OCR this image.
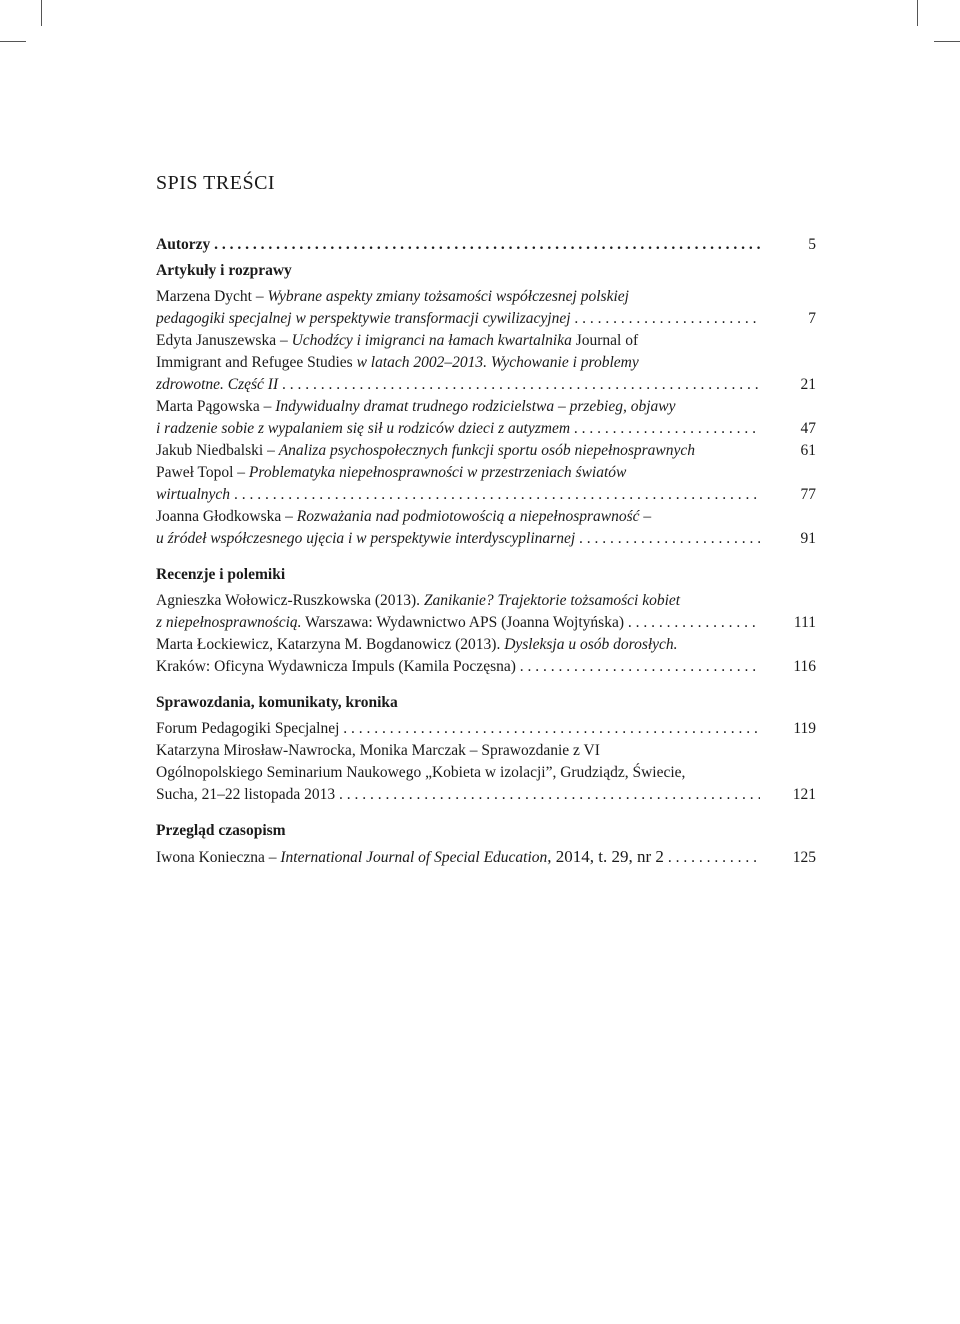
SPIS TREŚCI
Autorzy . . .	5
Artykuły i rozprawy
Marzena Dycht – Wybrane aspekty zmiany tożsamości współczesnej polskiej
pedagogiki specjalnej w perspektywie transformacji cywilizacyjnej . . .	7
Edyta Januszewska – Uchodźcy i imigranci na łamach kwartalnika Journal of
Immigrant and Refugee Studies w latach 2002–2013. Wychowanie i problemy
zdrowotne. Część II . . .	21
Marta Pągowska – Indywidualny dramat trudnego rodzicielstwa – przebieg, objawy
i radzenie sobie z wypalaniem się sił u rodziców dzieci z autyzmem . . .	47
Jakub Niedbalski – Analiza psychospołecznych funkcji sportu osób niepełnosprawnych	61
Paweł Topol – Problematyka niepełnosprawności w przestrzeniach światów
wirtualnych . . .	77
Joanna Głodkowska – Rozważania nad podmiotowością a niepełnosprawność –
u źródeł współczesnego ujęcia i w perspektywie interdyscyplinarnej . . .	91
Recenzje i polemiki
Agnieszka Wołowicz-Ruszkowska (2013). Zanikanie? Trajektorie tożsamości kobiet
z niepełnosprawnością. Warszawa: Wydawnictwo APS (Joanna Wojtyńska) . . .	111
Marta Łockiewicz, Katarzyna M. Bogdanowicz (2013). Dysleksja u osób dorosłych.
Kraków: Oficyna Wydawnicza Impuls (Kamila Poczęsna) . . .	116
Sprawozdania, komunikaty, kronika
Forum Pedagogiki Specjalnej . . .	119
Katarzyna Mirosław-Nawrocka, Monika Marczak – Sprawozdanie z VI
Ogólnopolskiego Seminarium Naukowego „Kobieta w izolacji”, Grudziądz, Świecie,
Sucha, 21–22 listopada 2013 . . .	121
Przegląd czasopism
Iwona Konieczna – International Journal of Special Education, 2014, t. 29, nr 2 . . .	125
